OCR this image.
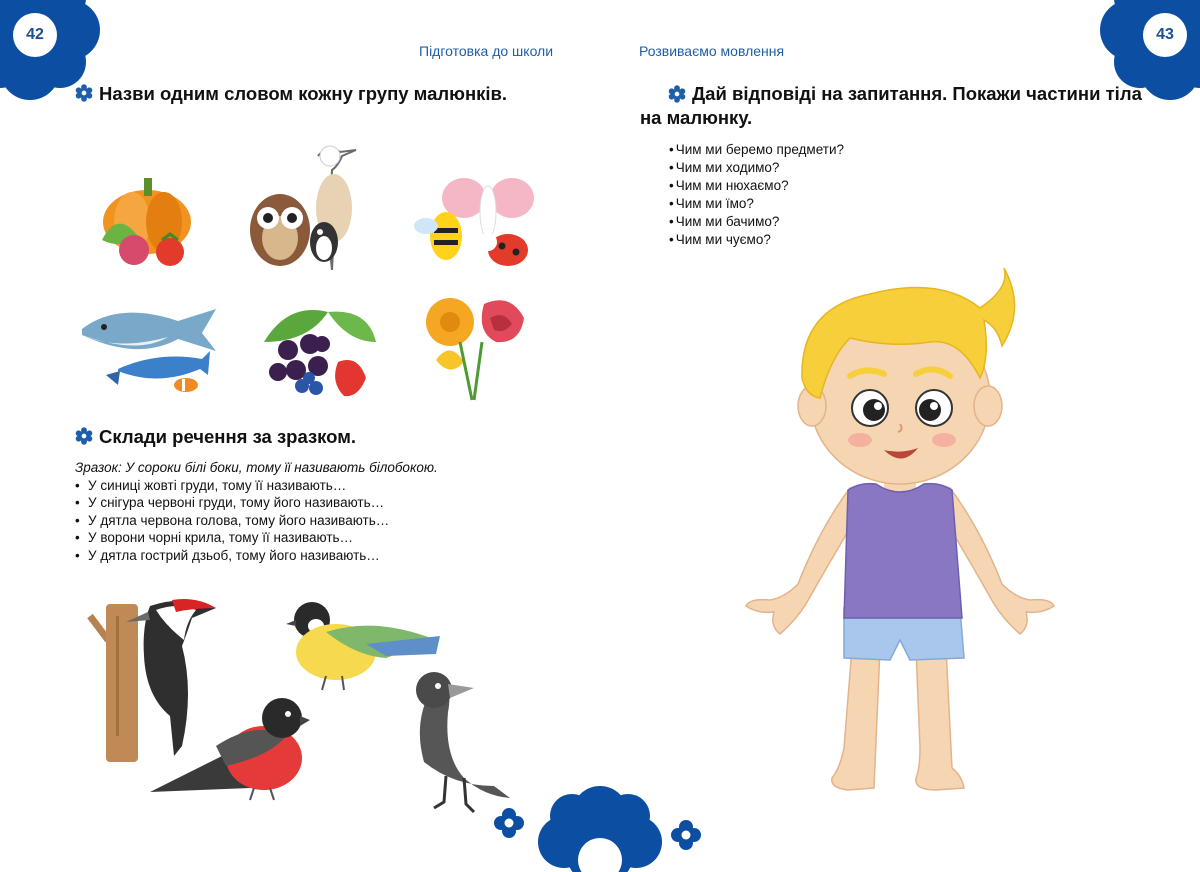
42	43
Підготовка до школи	Розвиваємо мовлення
Назви одним словом кожну групу малюнків.
Склади речення за зразком.
Зразок: У сороки білі боки, тому її називають білобокою.
• У синиці жовті груди, тому її називають…
• У снігура червоні груди, тому його називають…
• У дятла червона голова, тому його називають…
• У ворони чорні крила, тому її називають…
• У дятла гострий дзьоб, тому його називають…
Дай відповіді на запитання. Покажи частини тіла
на малюнку.
• Чим ми беремо предмети?
• Чим ми ходимо?
• Чим ми нюхаємо?
• Чим ми їмо?
• Чим ми бачимо?
• Чим ми чуємо?
